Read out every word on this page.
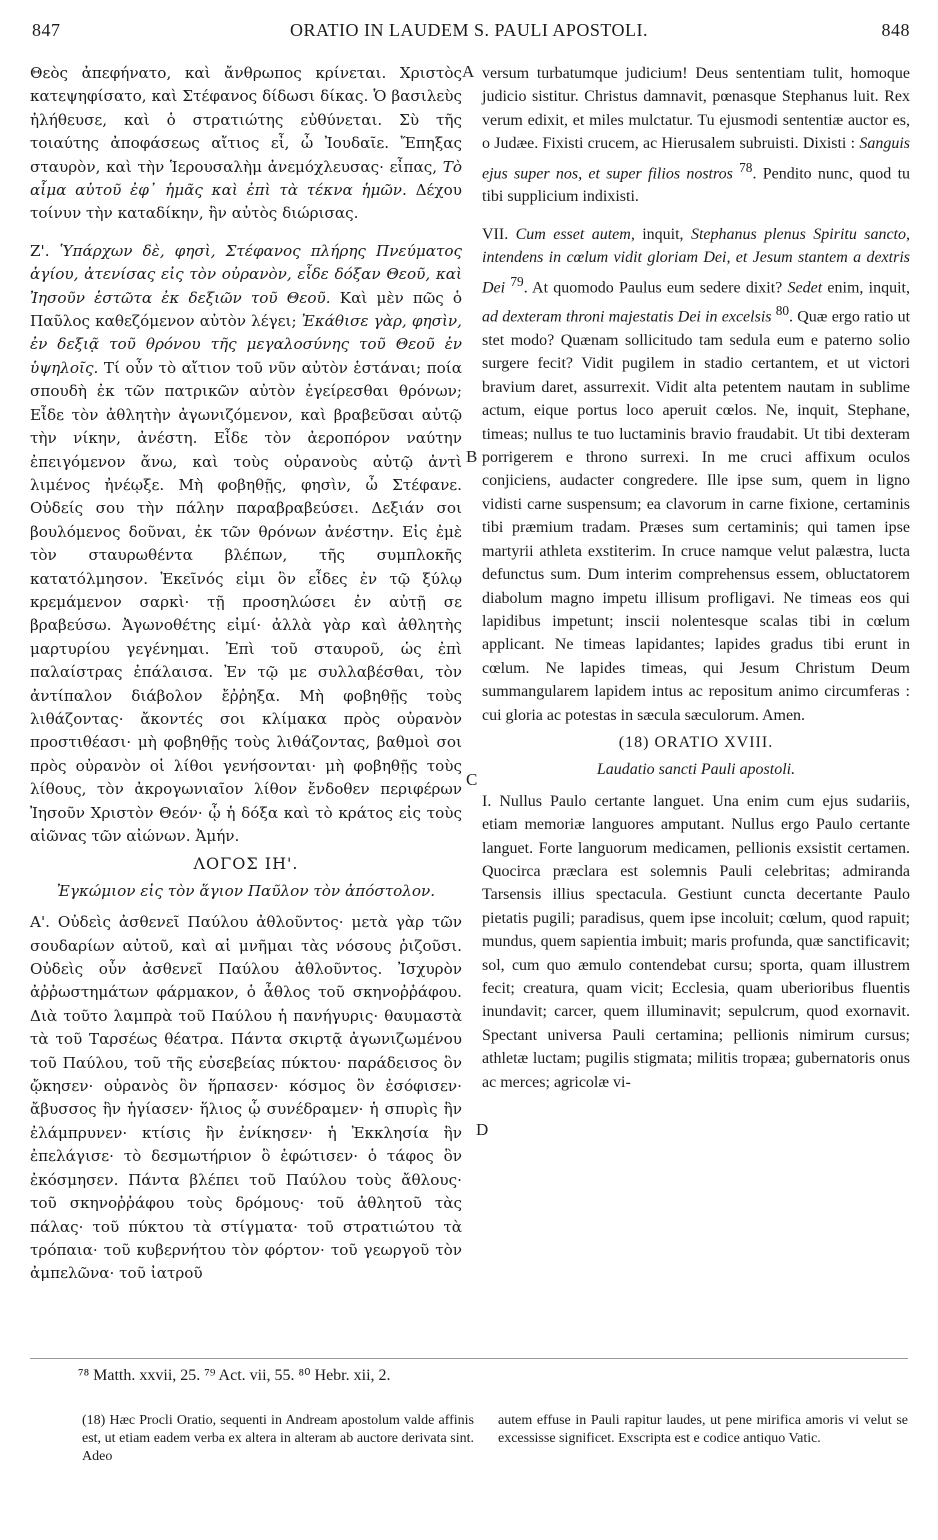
847	ORATIO IN LAUDEM S. PAULI APOSTOLI.	848

Θεὸς ἀπεφήνατο, καὶ ἄνθρωπος κρίνεται. Χριστὸς κατεψηφίσατο, καὶ Στέφανος δίδωσι δίκας. Ὁ βασιλεὺς ἠλήθευσε, καὶ ὁ στρατιώτης εὐθύνεται. Σὺ τῆς τοιαύτης ἀποφάσεως αἴτιος εἶ, ὦ Ἰουδαῖε. Ἔπηξας σταυρὸν, καὶ τὴν Ἱερουσαλὴμ ἀνεμόχλευσας· εἶπας, Τὸ αἷμα αὐτοῦ ἐφ᾽ ἡμᾶς καὶ ἐπὶ τὰ τέκνα ἡμῶν. Δέχου τοίνυν τὴν καταδίκην, ἣν αὐτὸς διώρισας.

Ζ'. Ὑπάρχων δὲ, φησὶ, Στέφανος πλήρης Πνεύματος ἁγίου, ἀτενίσας εἰς τὸν οὐρανὸν, εἶδε δόξαν Θεοῦ, καὶ Ἰησοῦν ἑστῶτα ἐκ δεξιῶν τοῦ Θεοῦ. Καὶ μὲν πῶς ὁ Παῦλος καθεζόμενον αὐτὸν λέγει; Ἐκάθισε γὰρ, φησὶν, ἐν δεξιᾷ τοῦ θρόνου τῆς μεγαλοσύνης τοῦ Θεοῦ ἐν ὑψηλοῖς. Τί οὖν τὸ αἴτιον τοῦ νῦν αὐτὸν ἑστάναι; ποία σπουδὴ ἐκ τῶν πατρικῶν αὐτὸν ἐγείρεσθαι θρόνων; Εἶδε τὸν ἀθλητὴν ἀγωνιζόμενον, καὶ βραβεῦσαι αὐτῷ τὴν νίκην, ἀνέστη. Εἶδε τὸν ἀεροπόρον ναύτην ἐπειγόμενον ἄνω, καὶ τοὺς οὐρανοὺς αὐτῷ ἀντὶ λιμένος ἠνέῳξε. Μὴ φοβηθῇς, φησὶν, ὦ Στέφανε. Οὐδείς σου τὴν πάλην παραβραβεύσει. Δεξιάν σοι βουλόμενος δοῦναι, ἐκ τῶν θρόνων ἀνέστην. Εἰς ἐμὲ τὸν σταυρωθέντα βλέπων, τῆς συμπλοκῆς κατατόλμησον. Ἐκεῖνός εἰμι ὃν εἶδες ἐν τῷ ξύλῳ κρεμάμενον σαρκὶ· τῇ προσηλώσει ἐν αὐτῇ σε βραβεύσω. Ἀγωνοθέτης εἰμί· ἀλλὰ γὰρ καὶ ἀθλητὴς μαρτυρίου γεγένημαι. Ἐπὶ τοῦ σταυροῦ, ὡς ἐπὶ παλαίστρας ἐπάλαισα. Ἐν τῷ με συλλαβέσθαι, τὸν ἀντίπαλον διάβολον ἔῤῥηξα. Μὴ φοβηθῇς τοὺς λιθάζοντας· ἄκοντές σοι κλίμακα πρὸς οὐρανὸν προστιθέασι· μὴ φοβηθῇς τοὺς λιθάζοντας, βαθμοὶ σοι πρὸς οὐρανὸν οἱ λίθοι γενήσονται· μὴ φοβηθῇς τοὺς λίθους, τὸν ἀκρογωνιαῖον λίθον ἔνδοθεν περιφέρων Ἰησοῦν Χριστὸν Θεόν· ᾧ ἡ δόξα καὶ τὸ κράτος εἰς τοὺς αἰῶνας τῶν αἰώνων. Ἀμήν.

ΛΟΓΟΣ ΙΗ'.
Ἐγκώμιον εἰς τὸν ἅγιον Παῦλον τὸν ἀπόστολον.

Α'. Οὐδεὶς ἀσθενεῖ Παύλου ἀθλοῦντος· μετὰ γὰρ τῶν σουδαρίων αὐτοῦ, καὶ αἱ μνῆμαι τὰς νόσους ῥιζοῦσι. Οὐδεὶς οὖν ἀσθενεῖ Παύλου ἀθλοῦντος. Ἰσχυρὸν ἀῤῥωστημάτων φάρμακον, ὁ ἆθλος τοῦ σκηνοῤῥάφου. Διὰ τοῦτο λαμπρὰ τοῦ Παύλου ἡ πανήγυρις· θαυμαστὰ τὰ τοῦ Ταρσέως θέατρα. Πάντα σκιρτᾷ ἀγωνιζωμένου τοῦ Παύλου, τοῦ τῆς εὐσεβείας πύκτου· παράδεισος ὃν ᾤκησεν· οὐρανὸς ὃν ἥρπασεν· κόσμος ὃν ἐσόφισεν· ἄβυσσος ἣν ἡγίασεν· ἥλιος ᾧ συνέδραμεν· ἡ σπυρὶς ἣν ἐλάμπρυνεν· κτίσις ἣν ἐνίκησεν· ἡ Ἐκκλησία ἣν ἐπελάγισε· τὸ δεσμωτήριον ὃ ἐφώτισεν· ὁ τάφος ὃν ἐκόσμησεν. Πάντα βλέπει τοῦ Παύλου τοὺς ἄθλους· τοῦ σκηνοῤῥάφου τοὺς δρόμους· τοῦ ἀθλητοῦ τὰς πάλας· τοῦ πύκτου τὰ στίγματα· τοῦ στρατιώτου τὰ τρόπαια· τοῦ κυβερνήτου τὸν φόρτον· τοῦ γεωργοῦ τὸν ἀμπελῶνα· τοῦ ἰατροῦ

versum turbatumque judicium! Deus sententiam tulit, homoque judicio sistitur. Christus damnavit, pœnasque Stephanus luit. Rex verum edixit, et miles mulctatur. Tu ejusmodi sententiæ auctor es, o Judæe. Fixisti crucem, ac Hierusalem subruisti. Dixisti : Sanguis ejus super nos, et super filios nostros $^{78}$. Pendito nunc, quod tu tibi supplicium indixisti.

VII. Cum esset autem, inquit, Stephanus plenus Spiritu sancto, intendens in cœlum vidit gloriam Dei, et Jesum stantem a dextris Dei $^{79}$. At quomodo Paulus eum sedere dixit? Sedet enim, inquit, ad dexteram throni majestatis Dei in excelsis $^{80}$. Quæ ergo ratio ut stet modo? Quænam sollicitudo tam sedula eum e paterno solio surgere fecit? Vidit pugilem in stadio certantem, et ut victori bravium daret, assurrexit. Vidit alta petentem nautam in sublime actum, eique portus loco aperuit cœlos. Ne, inquit, Stephane, timeas; nullus te tuo luctaminis bravio fraudabit. Ut tibi dexteram porrigerem e throno surrexi. In me cruci affixum oculos conjiciens, audacter congredere. Ille ipse sum, quem in ligno vidisti carne suspensum; ea clavorum in carne fixione, certaminis tibi præmium tradam. Præses sum certaminis; qui tamen ipse martyrii athleta exstiterim. In cruce namque velut palæstra, lucta defunctus sum. Dum interim comprehensus essem, obluctatorem diabolum magno impetu illisum profligavi. Ne timeas eos qui lapidibus impetunt; inscii nolentesque scalas tibi in cœlum applicant. Ne timeas lapidantes; lapides gradus tibi erunt in cœlum. Ne lapides timeas, qui Jesum Christum Deum summangularem lapidem intus ac repositum animo circumferas : cui gloria ac potestas in sæcula sæculorum. Amen.

(18) ORATIO XVIII.
Laudatio sancti Pauli apostoli.

I. Nullus Paulo certante languet. Una enim cum ejus sudariis, etiam memoriæ languores amputant. Nullus ergo Paulo certante languet. Forte languorum medicamen, pellionis exsistit certamen. Quocirca præclara est solemnis Pauli celebritas; admiranda Tarsensis illius spectacula. Gestiunt cuncta decertante Paulo pietatis pugili; paradisus, quem ipse incoluit; cœlum, quod rapuit; mundus, quem sapientia imbuit; maris profunda, quæ sanctificavit; sol, cum quo æmulo contendebat cursu; sporta, quam illustrem fecit; creatura, quam vicit; Ecclesia, quam uberioribus fluentis inundavit; carcer, quem illuminavit; sepulcrum, quod exornavit. Spectant universa Pauli certamina; pellionis nimirum cursus; athletæ luctam; pugilis stigmata; militis tropæa; gubernatoris onus ac merces; agricolæ vi-

A
B
C
D
⁷⁸ Matth. xxvii, 25. ⁷⁹ Act. vii, 55. ⁸⁰ Hebr. xii, 2.
(18) Hæc Procli Oratio, sequenti in Andream apostolum valde affinis est, ut etiam eadem verba ex altera in alteram ab auctore derivata sint. Adeo
autem effuse in Pauli rapitur laudes, ut pene mirifica amoris vi velut se excessisse significet. Exscripta est e codice antiquo Vatic.
